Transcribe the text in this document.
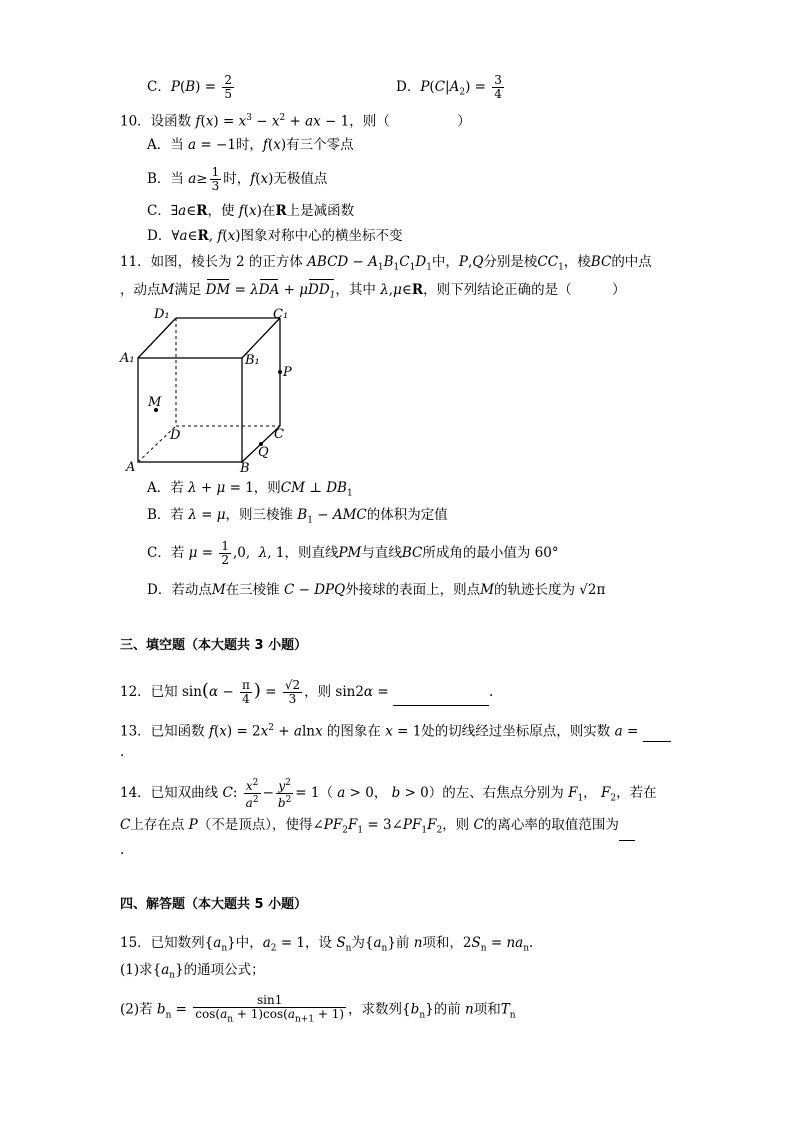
C．$P(B) = \frac{2}{5}$	D．$P(C|A_2) = \frac{3}{4}$
10．设函数 $f(x) = x^3 - x^2$ + ax − 1，则（　　　　　）
A．当 a = −1时，f(x)有三个零点
B．当 $a\ge \frac{1}{3}$ 时，f(x)无极值点
C．∃a∈R，使 f(x)在R上是减函数
D．∀a∈R, f(x)图象对称中心的横坐标不变
11．如图，棱长为 2 的正方体 ABCD − $A_1B_1C_1D_1$中，P,Q分别是棱$CC_1$，棱BC的中点
，动点M满足 DM = λDA + μDD$_1$，其中 λ,μ∈R，则下列结论正确的是（　　　）
D₁	C₁
A₁	B₁
P
M
D	C
Q
A	B
A．若 λ + μ = 1，则CM ⊥ $DB_1$
B．若 λ = μ，则三棱锥 $B_1$ − AMC的体积为定值
C．若 $\mu = \frac{1}{2} ,0$,  λ, 1，则直线PM与直线BC所成角的最小值为 60°
D．若动点M在三棱锥 C − DPQ外接球的表面上，则点M的轨迹长度为 √2π
三、填空题（本大题共 3 小题）
12．已知 $\sin(\alpha - \frac{\pi}{4}$ ) = $\frac{√2}{3}$ ，则 sin2α =	.
13．已知函数 $f(x) = 2x^2 + alnx$ 的图象在 x = 1处的切线经过坐标原点，则实数 a =
.
14．已知双曲线 C: $\frac{x^2}{a^2} - \frac{y^2}{b^2} = 1$（ a > 0， b > 0）的左、右焦点分别为 $F_1$， $F_2$，若在
C上存在点 P（不是顶点），使得$\angle PF_2F_1$ = $3\angle PF_1F_2$，则 C的离心率的取值范围为
.
四、解答题（本大题共 5 小题）
15．已知数列$\{a_n\}$中，$a_2 = 1$，设 $S_n$为$\{a_n\}$前 n项和，$2S_n = na_n$．
(1)求$\{a_n\}$的通项公式；
(2)若 $b_n = \frac{\sin 1}{\cos(a_n + 1)\cos(a_{n+1} + 1)}$ ，求数列$\{b_n\}$的前 n项和$T_n$
